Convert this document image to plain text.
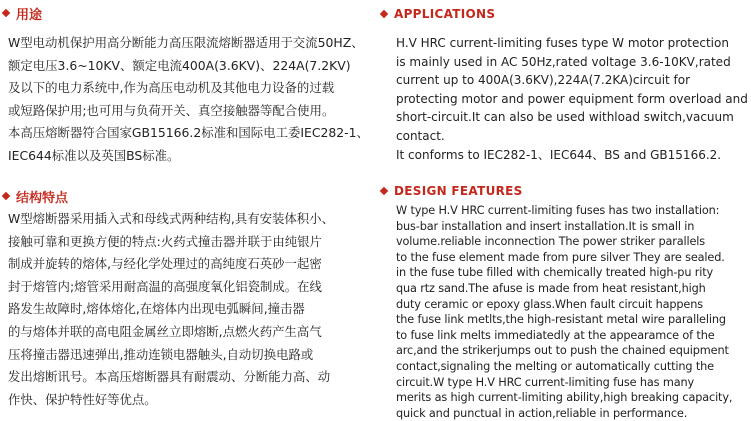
用途
W型电动机保护用高分断能力高压限流熔断器适用于交流50HZ、
额定电压3.6~10KV、额定电流400A(3.6KV)、224A(7.2KV)
及以下的电力系统中,作为高压电动机及其他电力设备的过载
或短路保护用;也可用与负荷开关、真空接触器等配合使用。
本高压熔断器符合国家GB15166.2标准和国际电工委IEC282-1、
IEC644标准以及英国BS标准。
结构特点
W型熔断器采用插入式和母线式两种结构,具有安装体积小、
接触可靠和更换方便的特点:火药式撞击器并联于由纯银片
制成并旋转的熔体,与经化学处理过的高纯度石英砂一起密
封于熔管内;熔管采用耐高温的高强度氧化铝瓷制成。在线
路发生故障时,熔体熔化,在熔体内出现电弧瞬间,撞击器
的与熔体并联的高电阻金属丝立即熔断,点燃火药产生高气
压将撞击器迅速弹出,推动连锁电器触头,自动切换电路或
发出熔断讯号。本高压熔断器具有耐震动、分断能力高、动
作快、保护特性好等优点。
APPLICATIONS
H.V HRC current-limiting fuses type W motor protection
is mainly used in AC 50Hz,rated voltage 3.6-10KV,rated
current up to 400A(3.6KV),224A(7.2KA)circuit for
protecting motor and power equipment form overload and
short-circuit.It can also be used withload switch,vacuum
contact.
It conforms to IEC282-1、IEC644、BS and GB15166.2.
DESIGN FEATURES
W type H.V HRC current-limiting fuses has two installation:
bus-bar installation and insert installation.It is small in
volume.reliable inconnection The power striker parallels
to the fuse element made from pure silver They are sealed.
in the fuse tube filled with chemically treated high-pu rity
qua rtz sand.The afuse is made from heat resistant,high
duty ceramic or epoxy glass.When fault circuit happens
the fuse link metlts,the high-resistant metal wire paralleling
to fuse link melts immediatedly at the appearamce of the
arc,and the strikerjumps out to push the chained equipment
contact,signaling the melting or automatically cutting the
circuit.W type H.V HRC current-limiting fuse has many
merits as high current-limiting ability,high breaking capacity,
quick and punctual in action,reliable in performance.
